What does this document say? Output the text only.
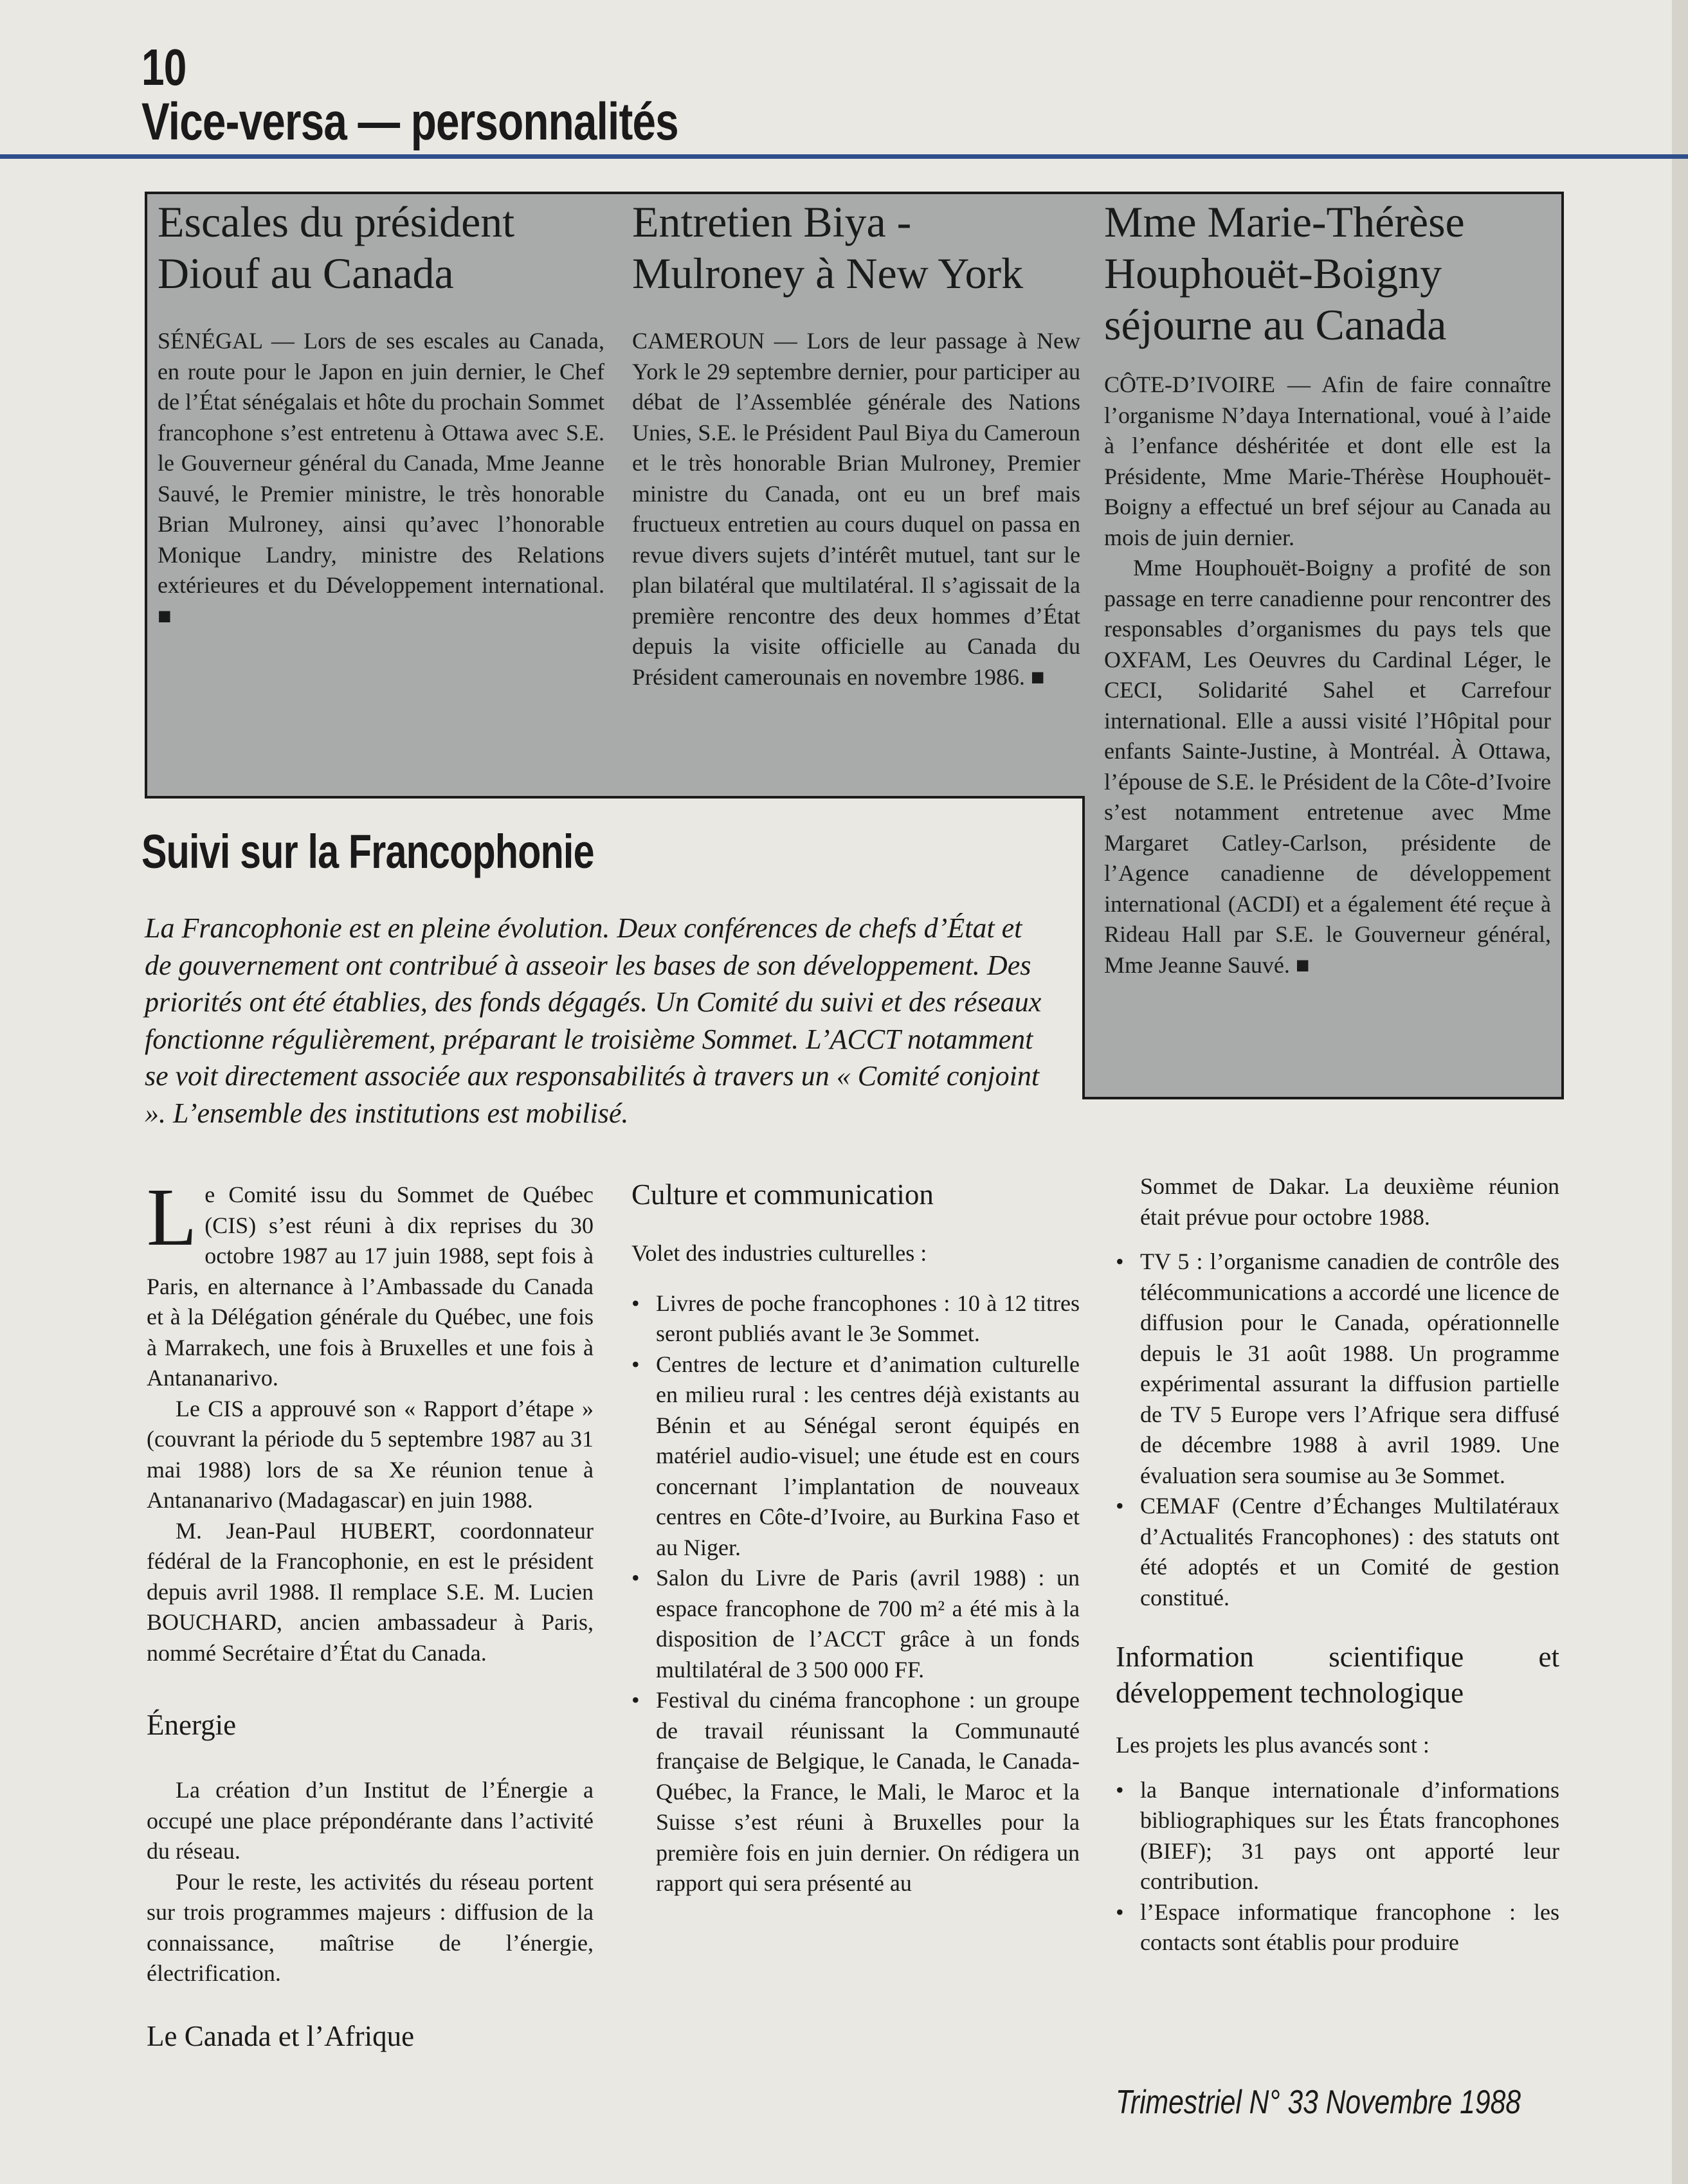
10
Vice-versa — personnalités
Escales du président Diouf au Canada
SÉNÉGAL — Lors de ses escales au Canada, en route pour le Japon en juin dernier, le Chef de l’État sénégalais et hôte du prochain Sommet francophone s’est entretenu à Ottawa avec S.E. le Gouverneur général du Canada, Mme Jeanne Sauvé, le Premier ministre, le très honorable Brian Mulroney, ainsi qu’avec l’honorable Monique Landry, ministre des Relations extérieures et du Développement international. ■
Entretien Biya - Mulroney à New York
CAMEROUN — Lors de leur passage à New York le 29 septembre dernier, pour participer au débat de l’Assemblée générale des Nations Unies, S.E. le Président Paul Biya du Cameroun et le très honorable Brian Mulroney, Premier ministre du Canada, ont eu un bref mais fructueux entretien au cours duquel on passa en revue divers sujets d’intérêt mutuel, tant sur le plan bilatéral que multilatéral. Il s’agissait de la première rencontre des deux hommes d’État depuis la visite officielle au Canada du Président camerounais en novembre 1986. ■
Mme Marie-Thérèse Houphouët-Boigny séjourne au Canada

CÔTE-D’IVOIRE — Afin de faire connaître l’organisme N’daya International, voué à l’aide à l’enfance déshéritée et dont elle est la Présidente, Mme Marie-Thérèse Houphouët-Boigny a effectué un bref séjour au Canada au mois de juin dernier.

Mme Houphouët-Boigny a profité de son passage en terre canadienne pour rencontrer des responsables d’organismes du pays tels que OXFAM, Les Oeuvres du Cardinal Léger, le CECI, Solidarité Sahel et Carrefour international. Elle a aussi visité l’Hôpital pour enfants Sainte-Justine, à Montréal. À Ottawa, l’épouse de S.E. le Président de la Côte-d’Ivoire s’est notamment entretenue avec Mme Margaret Catley-Carlson, présidente de l’Agence canadienne de développement international (ACDI) et a également été reçue à Rideau Hall par S.E. le Gouverneur général, Mme Jeanne Sauvé. ■

Suivi sur la Francophonie
La Francophonie est en pleine évolution. Deux conférences de chefs d’État et de gouvernement ont contribué à asseoir les bases de son développement. Des priorités ont été établies, des fonds dégagés. Un Comité du suivi et des réseaux fonctionne régulièrement, préparant le troisième Sommet. L’ACCT notamment se voit directement associée aux responsabilités à travers un « Comité conjoint ». L’ensemble des institutions est mobilisé.

Le Comité issu du Sommet de Québec (CIS) s’est réuni à dix reprises du 30 octobre 1987 au 17 juin 1988, sept fois à Paris, en alternance à l’Ambassade du Canada et à la Délégation générale du Québec, une fois à Marrakech, une fois à Bruxelles et une fois à Antananarivo.

Le CIS a approuvé son « Rapport d’étape » (couvrant la période du 5 septembre 1987 au 31 mai 1988) lors de sa Xe réunion tenue à Antananarivo (Madagascar) en juin 1988.

M. Jean-Paul HUBERT, coordonnateur fédéral de la Francophonie, en est le président depuis avril 1988. Il remplace S.E. M. Lucien BOUCHARD, ancien ambassadeur à Paris, nommé Secrétaire d’État du Canada.

Énergie

La création d’un Institut de l’Énergie a occupé une place prépondérante dans l’activité du réseau.

Pour le reste, les activités du réseau portent sur trois programmes majeurs : diffusion de la connaissance, maîtrise de l’énergie, électrification.

Le Canada et l’Afrique
Culture et communication

Volet des industries culturelles :

• Livres de poche francophones : 10 à 12 titres seront publiés avant le 3e Sommet.

• Centres de lecture et d’animation culturelle en milieu rural : les centres déjà existants au Bénin et au Sénégal seront équipés en matériel audio-visuel; une étude est en cours concernant l’implantation de nouveaux centres en Côte-d’Ivoire, au Burkina Faso et au Niger.

• Salon du Livre de Paris (avril 1988) : un espace francophone de 700 m² a été mis à la disposition de l’ACCT grâce à un fonds multilatéral de 3 500 000 FF.

• Festival du cinéma francophone : un groupe de travail réunissant la Communauté française de Belgique, le Canada, le Canada-Québec, la France, le Mali, le Maroc et la Suisse s’est réuni à Bruxelles pour la première fois en juin dernier. On rédigera un rapport qui sera présenté au

Sommet de Dakar. La deuxième réunion était prévue pour octobre 1988.

• TV 5 : l’organisme canadien de contrôle des télécommunications a accordé une licence de diffusion pour le Canada, opérationnelle depuis le 31 août 1988. Un programme expérimental assurant la diffusion partielle de TV 5 Europe vers l’Afrique sera diffusé de décembre 1988 à avril 1989. Une évaluation sera soumise au 3e Sommet.

• CEMAF (Centre d’Échanges Multilatéraux d’Actualités Francophones) : des statuts ont été adoptés et un Comité de gestion constitué.

Information scientifique et développement technologique

Les projets les plus avancés sont :

• la Banque internationale d’informations bibliographiques sur les États francophones (BIEF); 31 pays ont apporté leur contribution.

• l’Espace informatique francophone : les contacts sont établis pour produire

Trimestriel N° 33 Novembre 1988
